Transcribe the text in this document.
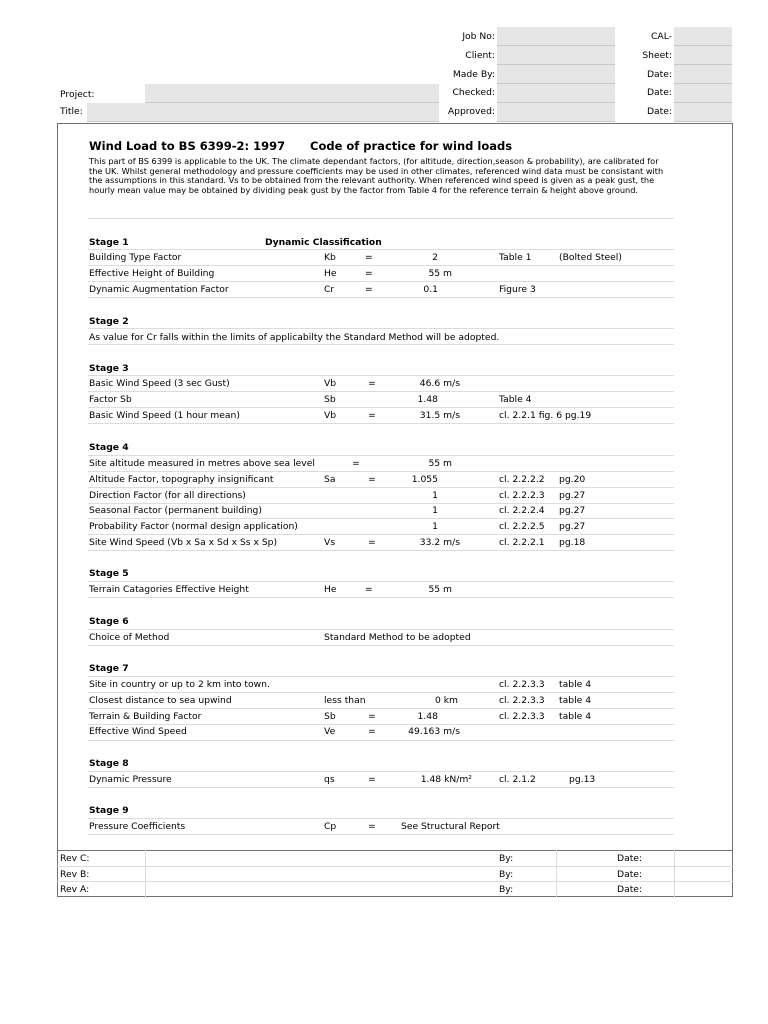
Job No:
Client:
Made By:
Checked:
Approved:
CAL-
Sheet:
Date:
Date:
Date:
Project:
Title:
Wind Load to BS 6399-2: 1997 Code of practice for wind loads
This part of BS 6399 is applicable to the UK. The climate dependant factors, (for altitude, direction,season & probability), are calibrated for the UK. Whilst general methodology and pressure coefficients may be used in other climates, referenced wind data must be consistant with the assumptions in this standard. Vs to be obtained from the relevant authority. When referenced wind speed is given as a peak gust, the hourly mean value may be obtained by dividing peak gust by the factor from Table 4 for the reference terrain & height above ground.
Stage 1	Dynamic Classification
Building Type Factor	Kb	=	2	Table 1	(Bolted Steel)
Effective Height of Building	He	=	55 m
Dynamic Augmentation Factor	Cr	=	0.1	Figure 3
Stage 2
As value for Cr falls within the limits of applicabilty the Standard Method will be adopted.
Stage 3
Basic Wind Speed (3 sec Gust)	Vb	=	46.6 m/s
Factor Sb	Sb	1.48	Table 4
Basic Wind Speed (1 hour mean)	Vb	=	31.5 m/s	cl. 2.2.1 fig. 6 pg.19
Stage 4
Site altitude measured in metres above sea level	=	55 m
Altitude Factor, topography insignificant	Sa	=	1.055	cl. 2.2.2.2 pg.20
Direction Factor (for all directions)	1	cl. 2.2.2.3 pg.27
Seasonal Factor (permanent building)	1	cl. 2.2.2.4 pg.27
Probability Factor (normal design application)	1	cl. 2.2.2.5 pg.27
Site Wind Speed (Vb x Sa x Sd x Ss x Sp)	Vs	=	33.2 m/s	cl. 2.2.2.1 pg.18
Stage 5
Terrain Catagories Effective Height	He	=	55 m
Stage 6
Choice of Method	Standard Method to be adopted
Stage 7
Site in country or up to 2 km into town.	cl. 2.2.3.3 table 4
Closest distance to sea upwind	less than	0 km	cl. 2.2.3.3 table 4
Terrain & Building Factor	Sb	=	1.48	cl. 2.2.3.3 table 4
Effective Wind Speed	Ve	=	49.163 m/s
Stage 8
Dynamic Pressure	qs	=	1.48 kN/m²	cl. 2.1.2	pg.13
Stage 9
Pressure Coefficients	Cp	=	See Structural Report
Rev C:	By:	Date:
Rev B:	By:	Date:
Rev A:	By:	Date:
